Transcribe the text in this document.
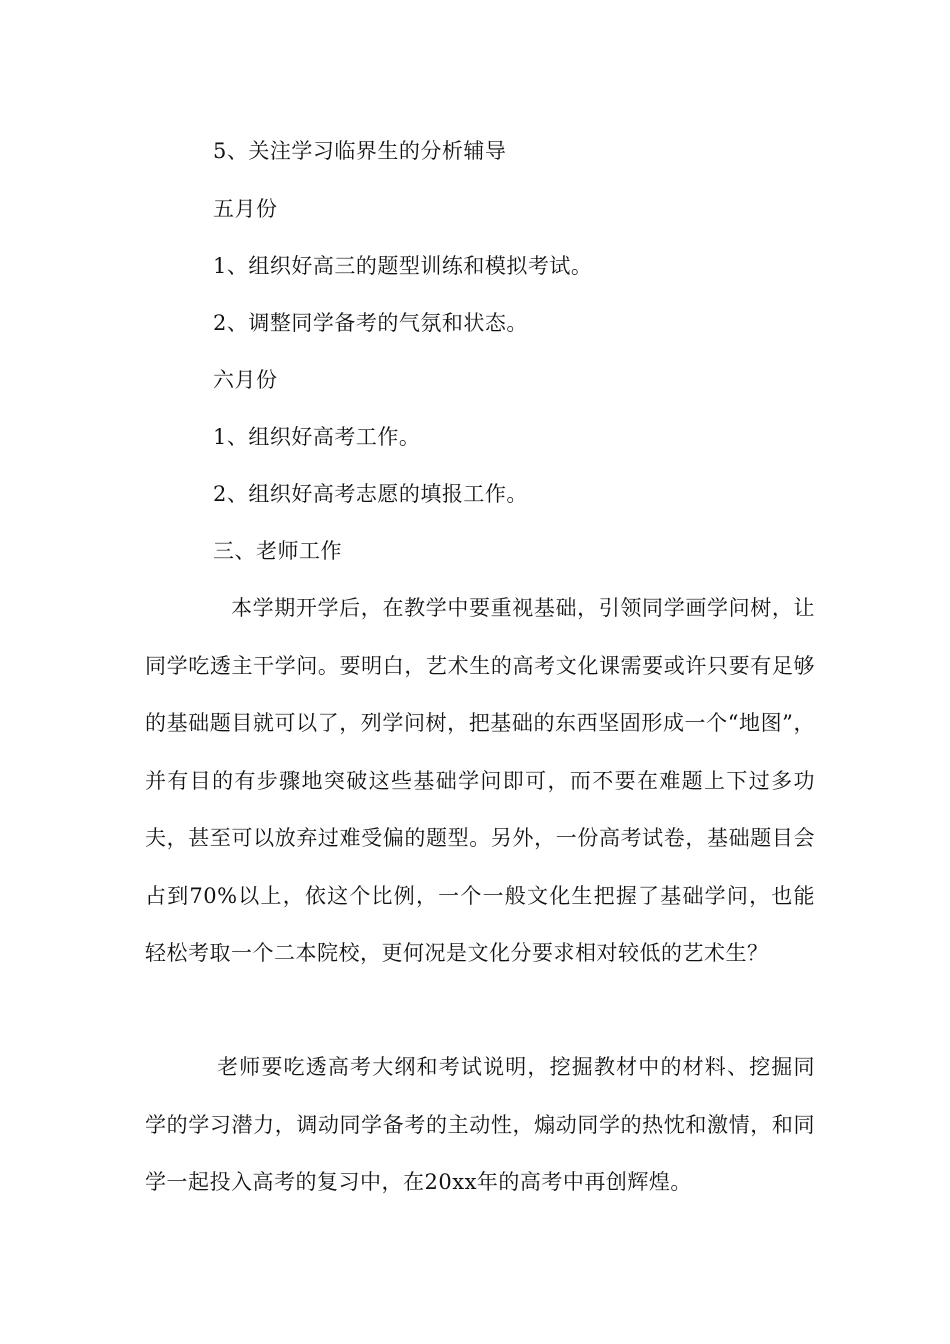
5、关注学习临界生的分析辅导
五月份
1、组织好高三的题型训练和模拟考试。
2、调整同学备考的气氛和状态。
六月份
1、组织好高考工作。
2、组织好高考志愿的填报工作。
三、老师工作
本学期开学后，在教学中要重视基础，引领同学画学问树，让同学吃透主干学问。要明白，艺术生的高考文化课需要或许只要有足够的基础题目就可以了，列学问树，把基础的东西坚固形成一个“地图”，并有目的有步骤地突破这些基础学问即可，而不要在难题上下过多功夫，甚至可以放弃过难受偏的题型。另外，一份高考试卷，基础题目会占到70%以上，依这个比例，一个一般文化生把握了基础学问，也能轻松考取一个二本院校，更何况是文化分要求相对较低的艺术生？
老师要吃透高考大纲和考试说明，挖掘教材中的材料、挖掘同学的学习潜力，调动同学备考的主动性，煽动同学的热忱和激情，和同学一起投入高考的复习中，在20xx年的高考中再创辉煌。
